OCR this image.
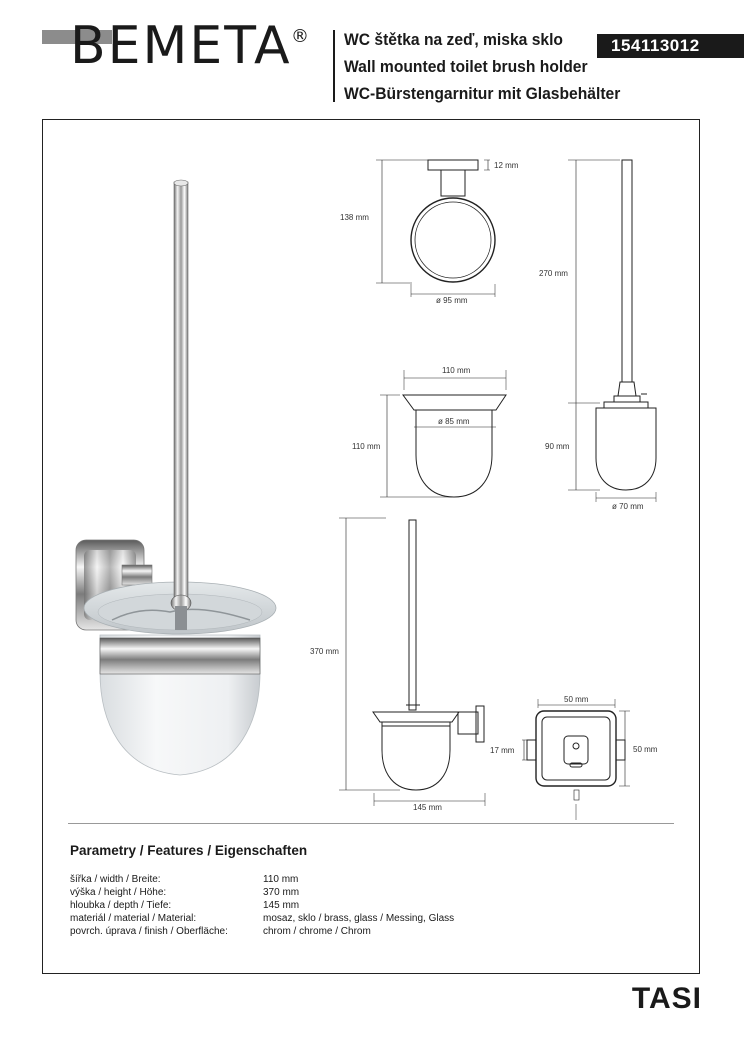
BEMETA ® WC štětka na zeď, miska sklo
Wall mounted toilet brush holder
WC-Bürstengarnitur mit Glasbehälter
154113012
12 mm
138 mm
ø 95 mm
270 mm
110 mm
ø 85 mm
110 mm	90 mm
ø 70 mm
370 mm
145 mm
50 mm
17 mm	50 mm
Parametry / Features / Eigenschaften
šířka / width / Breite:	110 mm
výška / height / Höhe:	370 mm
hloubka / depth / Tiefe:	145 mm
materiál / material / Material:	mosaz, sklo / brass, glass / Messing, Glass
povrch. úprava / finish / Oberfläche:	chrom / chrome / Chrom
TASI
